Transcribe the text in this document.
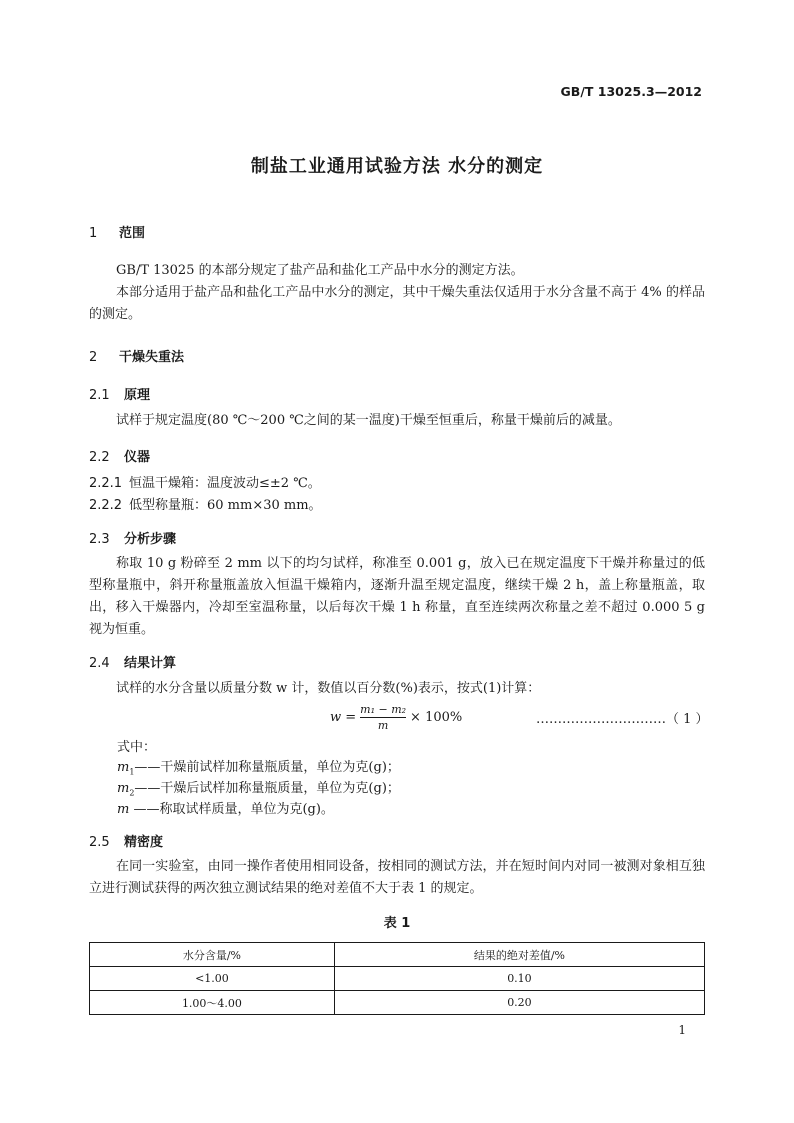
GB/T 13025.3—2012
制盐工业通用试验方法 水分的测定
1 范围
GB/T 13025 的本部分规定了盐产品和盐化工产品中水分的测定方法。
本部分适用于盐产品和盐化工产品中水分的测定，其中干燥失重法仅适用于水分含量不高于 4% 的样品的测定。
2 干燥失重法
2.1 原理
试样于规定温度(80 ℃～200 ℃之间的某一温度)干燥至恒重后，称量干燥前后的减量。
2.2 仪器
2.2.1 恒温干燥箱：温度波动≤±2 ℃。
2.2.2 低型称量瓶：60 mm×30 mm。
2.3 分析步骤
称取 10 g 粉碎至 2 mm 以下的均匀试样，称准至 0.001 g，放入已在规定温度下干燥并称量过的低型称量瓶中，斜开称量瓶盖放入恒温干燥箱内，逐渐升温至规定温度，继续干燥 2 h，盖上称量瓶盖，取出，移入干燥器内，冷却至室温称量，以后每次干燥 1 h 称量，直至连续两次称量之差不超过 0.000 5 g 视为恒重。
2.4 结果计算
试样的水分含量以质量分数 w 计，数值以百分数(%)表示，按式(1)计算：
$w = \frac{\text{m₁ − m₂}}{m} \times 100\%$	…………………………（ 1 ）
式中：
$m_1——$干燥前试样加称量瓶质量，单位为克(g)；
$m_2——$干燥后试样加称量瓶质量，单位为克(g)；
m ——称取试样质量，单位为克(g)。
2.5 精密度
在同一实验室，由同一操作者使用相同设备，按相同的测试方法，并在短时间内对同一被测对象相互独立进行测试获得的两次独立测试结果的绝对差值不大于表 1 的规定。
表 1
水分含量/%	结果的绝对差值/%
<1.00	0.10
1.00～4.00	0.20
1
